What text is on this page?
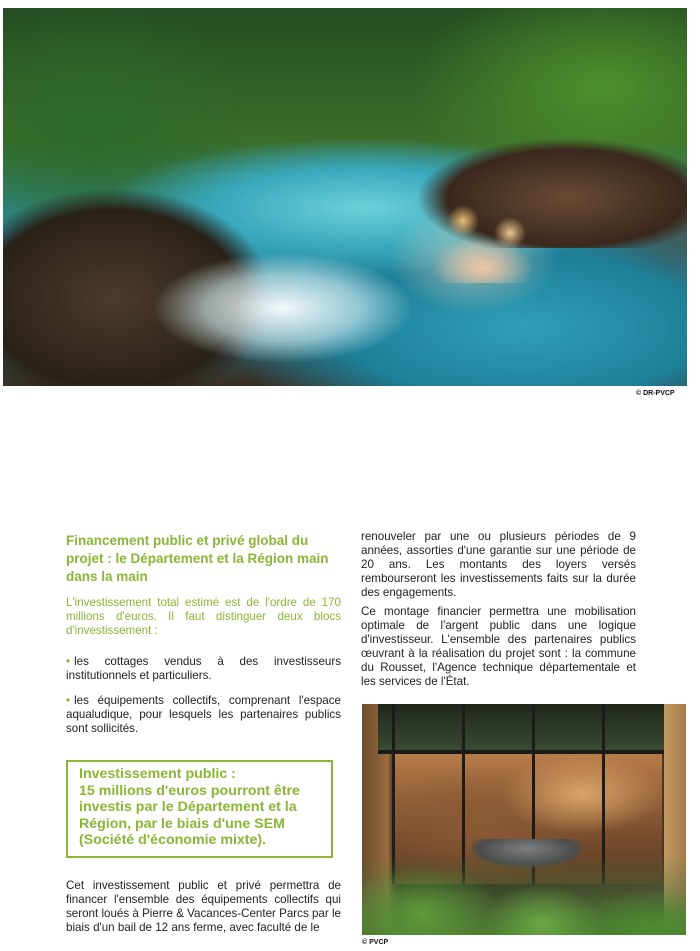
© DR-PVCP
Financement public et privé global du projet : le Département et la Région main dans la main

L'investissement total estimé est de l'ordre de 170 millions d'euros. Il faut distinguer deux blocs d'investissement :

• les cottages vendus à des investisseurs institutionnels et particuliers.

• les équipements collectifs, comprenant l'espace aqualudique, pour lesquels les partenaires publics sont sollicités.

Investissement public :

15 millions d'euros pourront être investis par le Département et la Région, par le biais d'une SEM (Société d'économie mixte).

Cet investissement public et privé permettra de financer l'ensemble des équipements collectifs qui seront loués à Pierre & Vacances-Center Parcs par le biais d'un bail de 12 ans ferme, avec faculté de le

renouveler par une ou plusieurs périodes de 9 années, assorties d'une garantie sur une période de 20 ans. Les montants des loyers versés rembourseront les investissements faits sur la durée des engagements.

Ce montage financier permettra une mobilisation optimale de l'argent public dans une logique d'investisseur. L'ensemble des partenaires publics œuvrant à la réalisation du projet sont : la commune du Rousset, l'Agence technique départementale et les services de l'État.

© PVCP
